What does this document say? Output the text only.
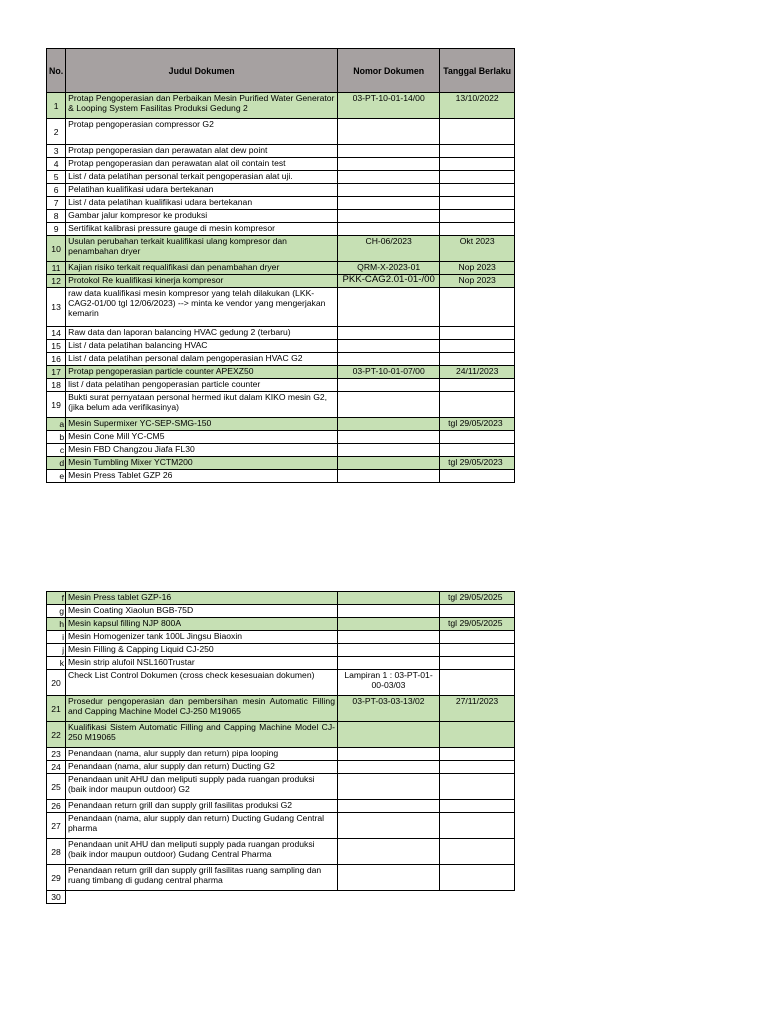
No.	Judul Dokumen	Nomor Dokumen	Tanggal Berlaku
1	Protap Pengoperasian dan Perbaikan Mesin Purified Water Generator & Looping System Fasilitas Produksi Gedung 2	03-PT-10-01-14/00	13/10/2022
2	Protap pengoperasian compressor G2		
3	Protap pengoperasian dan perawatan alat dew point		
4	Protap pengoperasian dan perawatan alat oil contain test		
5	List / data pelatihan personal terkait pengoperasian alat uji.		
6	Pelatihan kualifikasi udara bertekanan		
7	List / data pelatihan kualifikasi udara bertekanan		
8	Gambar jalur kompresor ke produksi		
9	Sertifikat kalibrasi pressure gauge di mesin kompresor		
10	Usulan perubahan terkait kualifikasi ulang kompresor dan penambahan dryer	CH-06/2023	Okt 2023
11	Kajian risiko terkait requalifikasi dan penambahan dryer	QRM-X-2023-01	Nop 2023
12	Protokol Re kualifikasi kinerja kompresor	PKK-CAG2.01-01-/00	Nop 2023
13	raw data kualifikasi mesin kompresor yang telah dilakukan (LKK-CAG2-01/00 tgl 12/06/2023) --> minta ke vendor yang mengerjakan kemarin		
14	Raw data dan laporan balancing HVAC gedung 2 (terbaru)		
15	List / data pelatihan balancing HVAC		
16	List / data pelatihan personal dalam pengoperasian HVAC G2		
17	Protap pengoperasian particle counter APEXZ50	03-PT-10-01-07/00	24/11/2023
18	list / data pelatihan pengoperasian particle counter		
19	Bukti surat pernyataan personal hermed ikut dalam KIKO mesin G2, (jika belum ada verifikasinya)		
a	Mesin Supermixer YC-SEP-SMG-150		tgl 29/05/2023
b	Mesin Cone Mill YC-CM5		
c	Mesin FBD Changzou Jiafa FL30		
d	Mesin Tumbling Mixer YCTM200		tgl 29/05/2023
e	Mesin Press Tablet GZP 26		
f	Mesin Press tablet GZP-16		tgl 29/05/2025
g	Mesin Coating Xiaolun BGB-75D		
h	Mesin kapsul filling NJP 800A		tgl 29/05/2025
i	Mesin Homogenizer tank 100L Jingsu Biaoxin		
j	Mesin Filling & Capping Liquid CJ-250		
k	Mesin strip alufoil NSL160Trustar		
20	Check List Control Dokumen (cross check kesesuaian dokumen)	Lampiran 1 : 03-PT-01-00-03/03	
21	Prosedur pengoperasian dan pembersihan mesin Automatic Filling and Capping Machine Model CJ-250 M19065	03-PT-03-03-13/02	27/11/2023
22	Kualifikasi Sistem Automatic Filling and Capping Machine Model CJ-250 M19065		
23	Penandaan (nama, alur supply dan return) pipa looping		
24	Penandaan (nama, alur supply dan return) Ducting G2		
25	Penandaan unit AHU dan meliputi supply pada ruangan produksi (baik indor maupun outdoor) G2		
26	Penandaan return grill dan supply grill fasilitas produksi G2		
27	Penandaan (nama, alur supply dan return) Ducting Gudang Central pharma		
28	Penandaan unit AHU dan meliputi supply pada ruangan produksi (baik indor maupun outdoor) Gudang Central Pharma		
29	Penandaan return grill dan supply grill fasilitas ruang sampling dan ruang timbang di gudang central pharma		
30			
